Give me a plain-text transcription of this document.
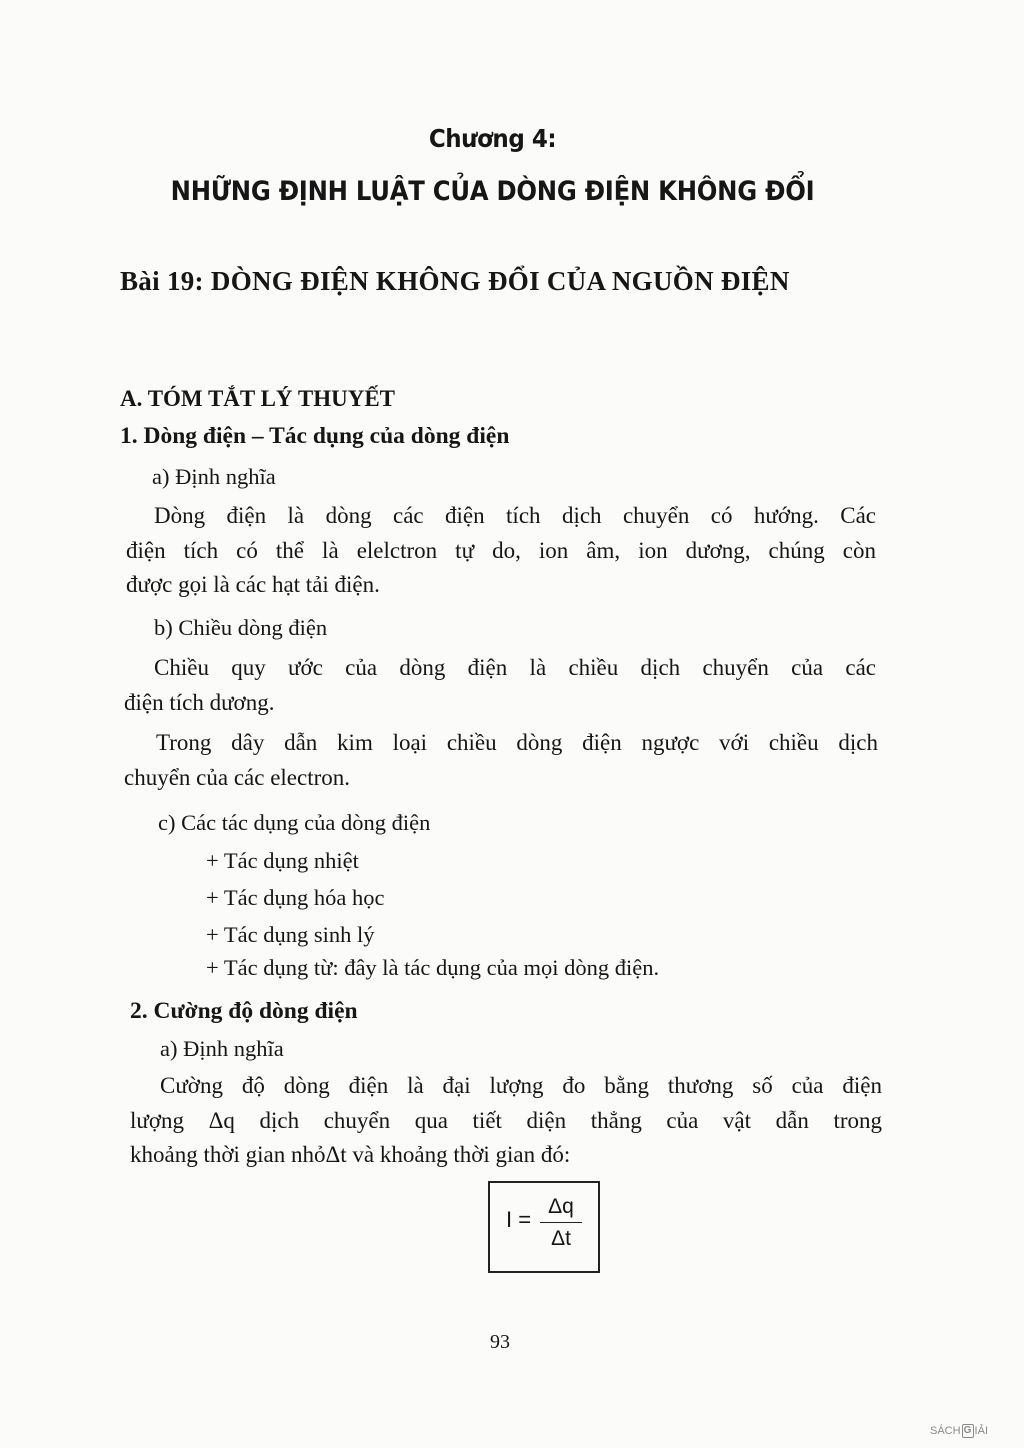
Chương 4:
NHỮNG ĐỊNH LUẬT CỦA DÒNG ĐIỆN KHÔNG ĐỔI
Bài 19: DÒNG ĐIỆN KHÔNG ĐỔI CỦA NGUỒN ĐIỆN
A. TÓM TẮT LÝ THUYẾT
1. Dòng điện – Tác dụng của dòng điện
a) Định nghĩa
Dòng điện là dòng các điện tích dịch chuyển có hướng. Các
điện tích có thể là elelctron tự do, ion âm, ion dương, chúng còn
được gọi là các hạt tải điện.
b) Chiều dòng điện
Chiều quy ước của dòng điện là chiều dịch chuyển của các
điện tích dương.
Trong dây dẫn kim loại chiều dòng điện ngược với chiều dịch
chuyển của các electron.
c) Các tác dụng của dòng điện
+ Tác dụng nhiệt
+ Tác dụng hóa học
+ Tác dụng sinh lý
+ Tác dụng từ: đây là tác dụng của mọi dòng điện.
2. Cường độ dòng điện
a) Định nghĩa
Cường độ dòng điện là đại lượng đo bằng thương số của điện
lượng Δq dịch chuyển qua tiết diện thẳng của vật dẫn trong
khoảng thời gian nhỏΔt và khoảng thời gian đó:
I =
Δq
Δt
93
SÁCH G IẢI
